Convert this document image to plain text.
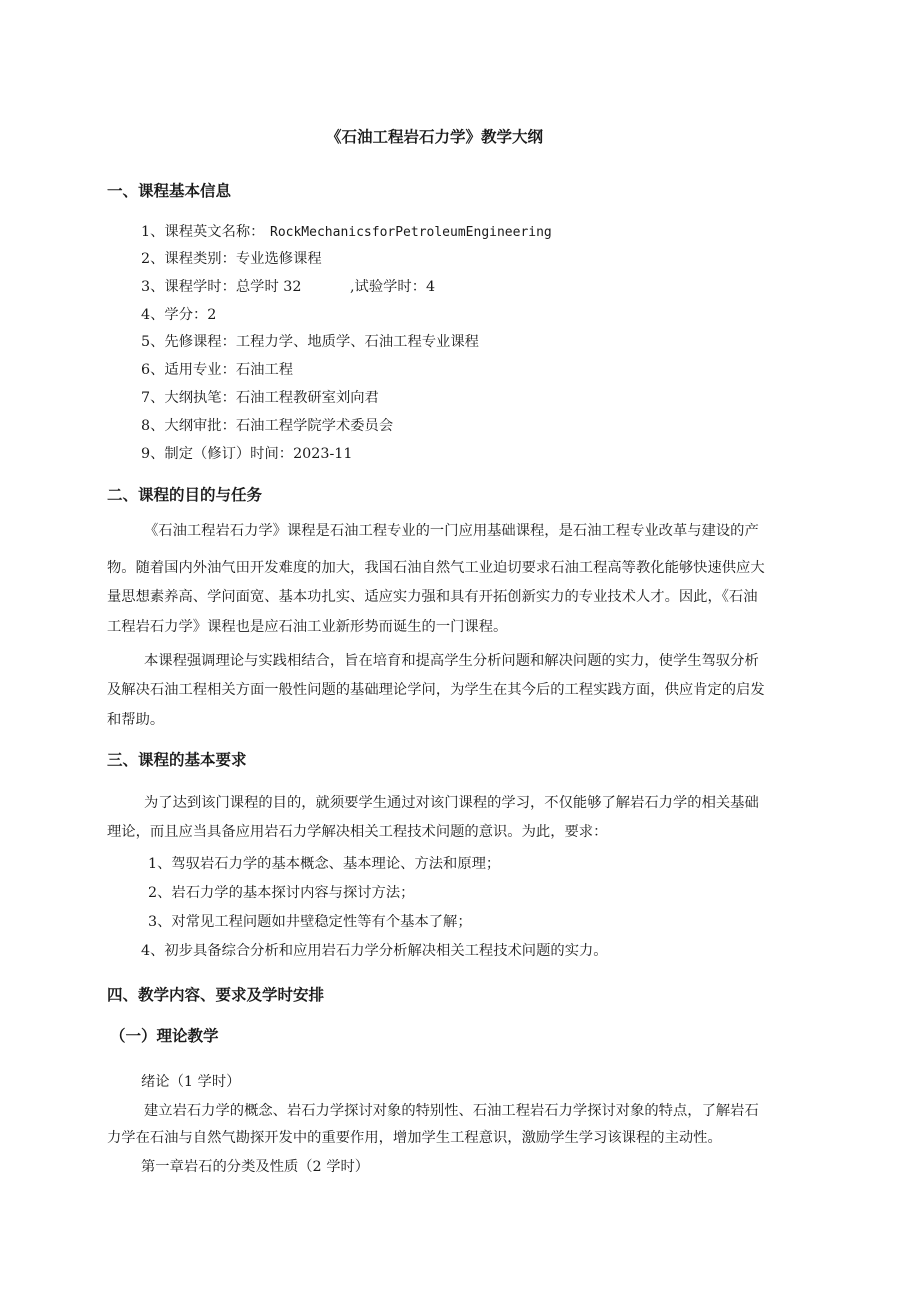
《石油工程岩石力学》教学大纲
一、课程基本信息
1、课程英文名称： RockMechanicsforPetroleumEngineering
2、课程类别：专业选修课程
3、课程学时：总学时 32	,试验学时：4
4、学分：2
5、先修课程：工程力学、地质学、石油工程专业课程
6、适用专业：石油工程
7、大纲执笔：石油工程教研室刘向君
8、大纲审批：石油工程学院学术委员会
9、制定（修订）时间：2023-11
二、课程的目的与任务
《石油工程岩石力学》课程是石油工程专业的一门应用基础课程，是石油工程专业改革与建设的产
物。随着国内外油气田开发难度的加大，我国石油自然气工业迫切要求石油工程高等教化能够快速供应大
量思想素养高、学问面宽、基本功扎实、适应实力强和具有开拓创新实力的专业技术人才。因此，《石油
工程岩石力学》课程也是应石油工业新形势而诞生的一门课程。
本课程强调理论与实践相结合，旨在培育和提高学生分析问题和解决问题的实力，使学生驾驭分析
及解决石油工程相关方面一般性问题的基础理论学问，为学生在其今后的工程实践方面，供应肯定的启发
和帮助。
三、课程的基本要求
为了达到该门课程的目的，就须要学生通过对该门课程的学习，不仅能够了解岩石力学的相关基础
理论，而且应当具备应用岩石力学解决相关工程技术问题的意识。为此，要求：
1、驾驭岩石力学的基本概念、基本理论、方法和原理；
2、岩石力学的基本探讨内容与探讨方法；
3、对常见工程问题如井壁稳定性等有个基本了解；
4、初步具备综合分析和应用岩石力学分析解决相关工程技术问题的实力。
四、教学内容、要求及学时安排
（一）理论教学
绪论（1 学时）
建立岩石力学的概念、岩石力学探讨对象的特别性、石油工程岩石力学探讨对象的特点，了解岩石
力学在石油与自然气勘探开发中的重要作用，增加学生工程意识，激励学生学习该课程的主动性。
第一章岩石的分类及性质（2 学时）
